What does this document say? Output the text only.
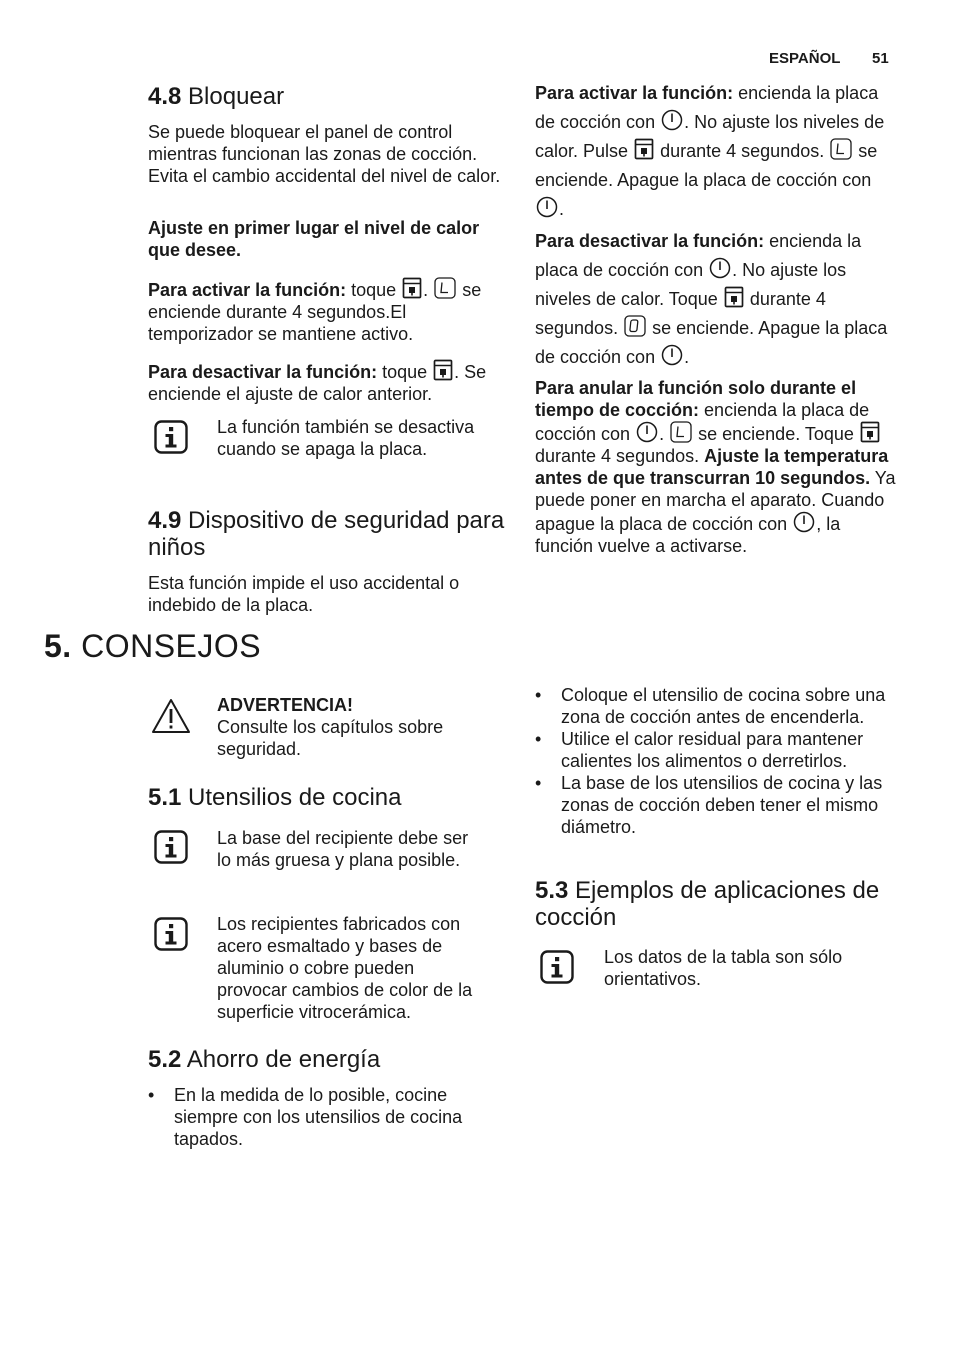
ESPAÑOL 51
4.8 Bloquear

Se puede bloquear el panel de control mientras funcionan las zonas de cocción. Evita el cambio accidental del nivel de calor.

Ajuste en primer lugar el nivel de calor que desee.

Para activar la función: toque . se enciende durante 4 segundos.El temporizador se mantiene activo.

Para desactivar la función: toque . Se enciende el ajuste de calor anterior.

La función también se desactiva cuando se apaga la placa.

4.9 Dispositivo de seguridad para niños

Esta función impide el uso accidental o indebido de la placa.

Para activar la función: encienda la placa de cocción con . No ajuste los niveles de calor. Pulse durante 4 segundos. se enciende. Apague la placa de cocción con .

Para desactivar la función: encienda la placa de cocción con . No ajuste los niveles de calor. Toque durante 4 segundos. se enciende. Apague la placa de cocción con .

Para anular la función solo durante el tiempo de cocción: encienda la placa de cocción con . se enciende. Toque  durante 4 segundos. Ajuste la temperatura antes de que transcurran 10 segundos. Ya puede poner en marcha el aparato. Cuando apague la placa de cocción con , la función vuelve a activarse.
5. CONSEJOS
ADVERTENCIA!
Consulte los capítulos sobre seguridad.
5.1 Utensilios de cocina

La base del recipiente debe ser lo más gruesa y plana posible.

Los recipientes fabricados con acero esmaltado y bases de aluminio o cobre pueden provocar cambios de color de la superficie vitrocerámica.

5.2 Ahorro de energía
• En la medida de lo posible, cocine siempre con los utensilios de cocina tapados.
• Coloque el utensilio de cocina sobre una zona de cocción antes de encenderla.
• Utilice el calor residual para mantener calientes los alimentos o derretirlos.
• La base de los utensilios de cocina y las zonas de cocción deben tener el mismo diámetro.
5.3 Ejemplos de aplicaciones de cocción

Los datos de la tabla son sólo orientativos.
